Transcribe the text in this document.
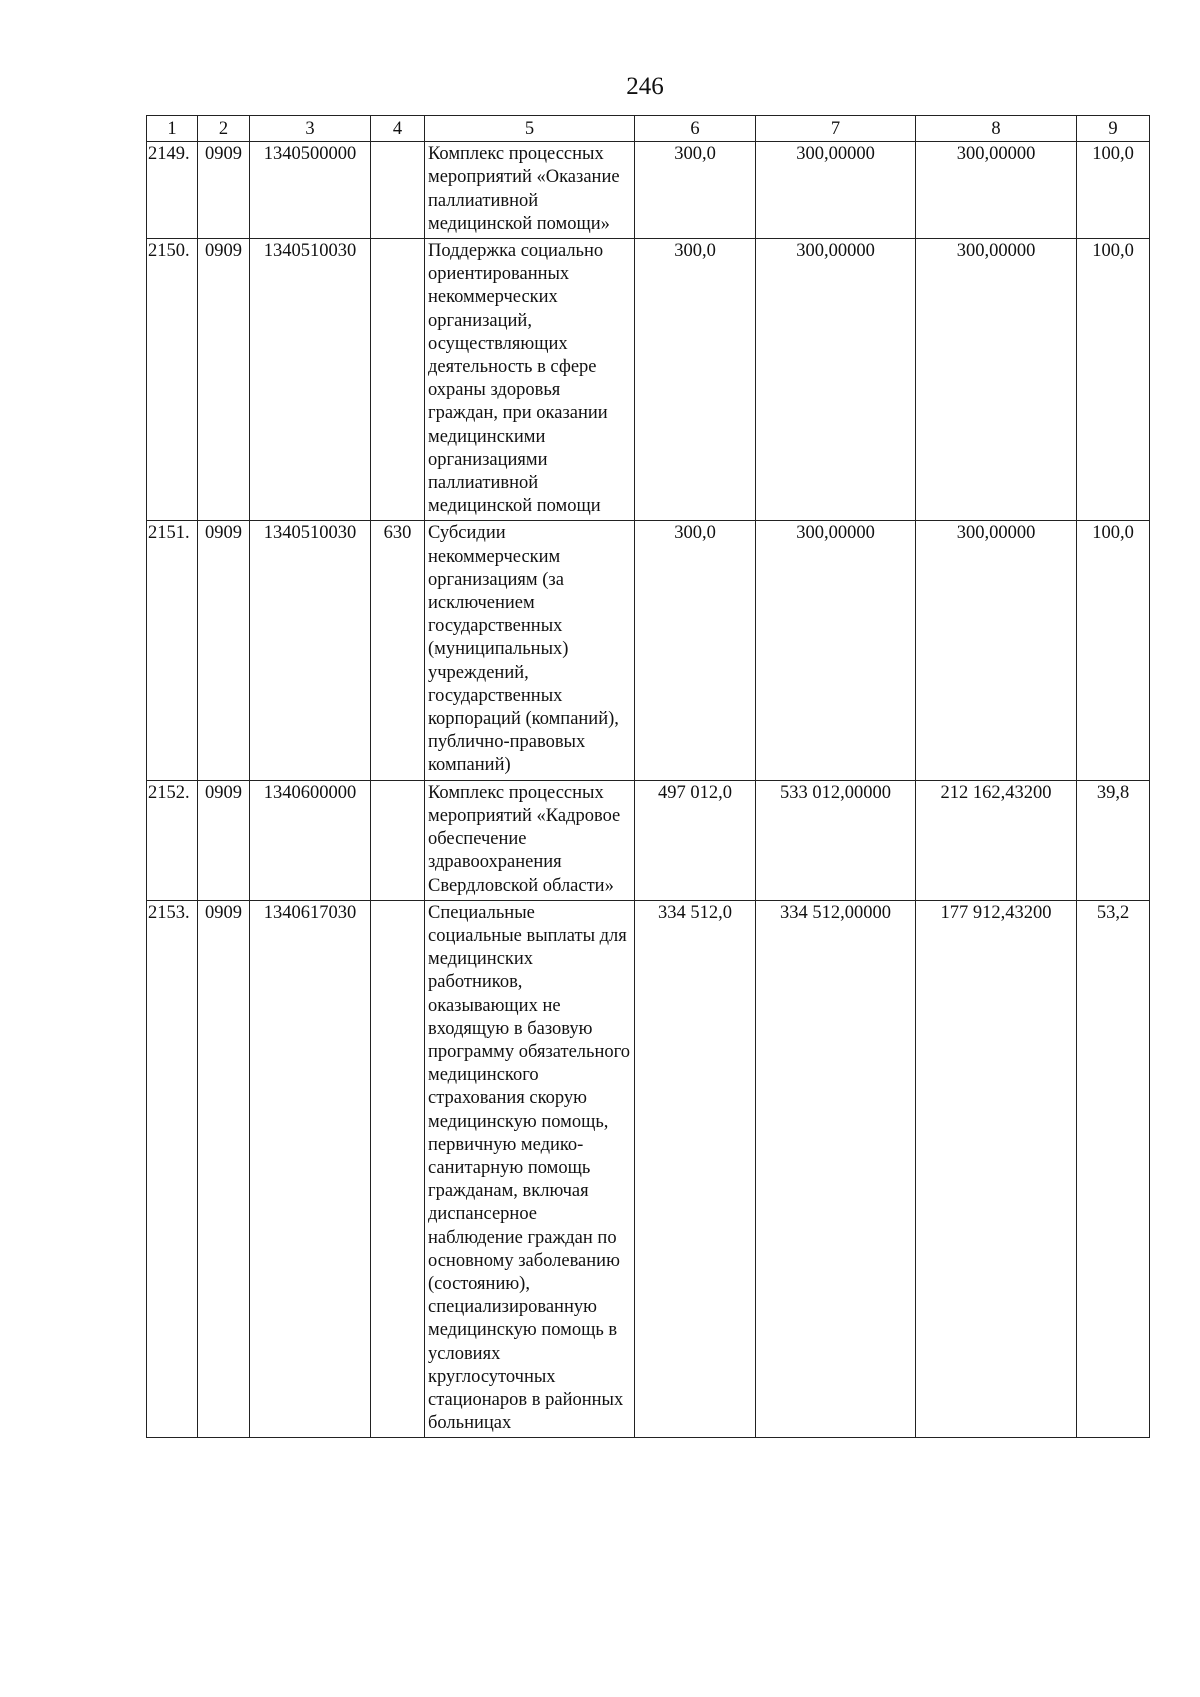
246
1	2	3	4	5	6	7	8	9
2149.	0909	1340500000		Комплекс процессных мероприятий «Оказание паллиативной медицинской помощи»	300,0	300,00000	300,00000	100,0
2150.	0909	1340510030		Поддержка социально ориентированных некоммерческих организаций, осуществляющих деятельность в сфере охраны здоровья граждан, при оказании медицинскими организациями паллиативной медицинской помощи	300,0	300,00000	300,00000	100,0
2151.	0909	1340510030	630	Субсидии некоммерческим организациям (за исключением государственных (муниципальных) учреждений, государственных корпораций (компаний), публично-правовых компаний)	300,0	300,00000	300,00000	100,0
2152.	0909	1340600000		Комплекс процессных мероприятий «Кадровое обеспечение здравоохранения Свердловской области»	497 012,0	533 012,00000	212 162,43200	39,8
2153.	0909	1340617030		Специальные социальные выплаты для медицинских работников, оказывающих не входящую в базовую программу обязательного медицинского страхования скорую медицинскую помощь, первичную медико-санитарную помощь гражданам, включая диспансерное наблюдение граждан по основному заболеванию (состоянию), специализированную медицинскую помощь в условиях круглосуточных стационаров в районных больницах	334 512,0	334 512,00000	177 912,43200	53,2
